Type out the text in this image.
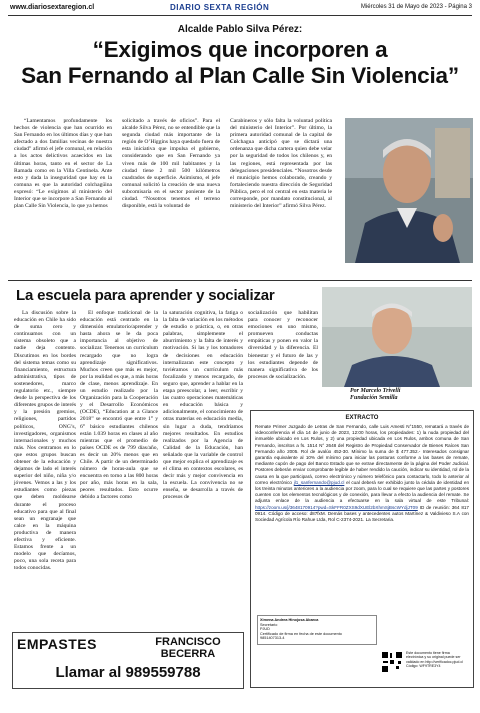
www.diariosextaregion.cl	DIARIO SEXTA REGIÓN	Miércoles 31 de Mayo de 2023 - Página 3
Alcalde Pablo Silva Pérez:
“Exigimos que incorporen a
San Fernando al Plan Calle Sin Violencia”
“Lamentamos profundamente los hechos de violencia que han ocurrido en San Fernando en los últimos días y que han afectado a dos familias vecinas de nuestra ciudad” afirmó el jefe comunal, en relación a los actos delictivos acaecidos en las últimas horas, tanto en el sector de La Ramada como en la Villa Centinela. Ante esto y dada la inseguridad que hay en la comuna es que la autoridad colchagüina expresó: “Le exigimos al ministerio del Interior que se incorpore a San Fernando al plan Calle Sin Violencia, lo que ya hemos
solicitado a través de oficios”. Para el alcalde Silva Pérez, no se entendible que la segunda ciudad más importante de la región de O’Higgins haya quedado fuera de esta iniciativa que impulsa el gobierno, considerando que en San Fernando ya viven más de 100 mil habitantes y la ciudad tiene 2 mil 500 kilómetros cuadrados de superficie. Asimismo, el jefe comunal solicitó la creación de una nueva subcomisaría en el sector poniente de la ciudad. “Nosotros tenemos el terreno disponible, está la voluntad de
Carabineros y sólo falta la voluntad política del ministerio del Interior”. Por último, la primera autoridad comunal de la capital de Colchagua anticipó que se dictará una ordenanza que dicha cartera quien debe velar por la seguridad de todos los chilenos y, en las regiones, está representada por las delegaciones presidenciales. “Nosotros desde el municipio hemos colaborado, creando y fortaleciendo nuestra dirección de Seguridad Pública, pero el rol central en esta materia le corresponde, por mandato constitucional, al ministerio del Interior” afirmó Silva Pérez.
La escuela para aprender y socializar
La discusión sobre la educación en Chile ha sido de suma cero y continuamos con un sistema obsoleto que a nadie deja contento. Discutimos en los bordes del sistema temas como su financiamiento, estructura administrativa, tipos de sostenedores, marco regulatorio etc., siempre desde la perspectiva de los diferentes grupos de interés y la presión gremios, religiones, partidos políticos, ONG’s, investigadores, organismos internacionales y muchos más. Nos centramos en lo que estos grupos buscan obtener de la educación y dejamos de lado el interés superior del niño, niña y/o jóvenes. Vemos a las y los estudiantes como piezas que deben moldearse durante el proceso educativo para que al final sean un engranaje que calce en la máquina productiva de manera efectiva y eficiente. Estamos frente a un modelo que decíamos, poco, una sola receta para todos conocidas.
El enfoque tradicional de la educación está centrado en la dimensión emulatorio/aprender y hasta ahora se le da poca importancia al objetivo de socializar. Tenemos un currículum recargado que no logra aprendizaje significativos. Muchos creen que más es mejor, por la realidad es que, a más horas de clase, menos aprendizaje. En un estudio realizado por la Organización para la Cooperación y el Desarrollo Económicos (OCDE), “Education at a Glance 2018” se encontró que entre 1° y 6° básico estudiantes chilenos están 1.039 horas en clases al año mientras que el promedio de países OCDE es de 799 días/año, es decir un 20% menos que en Chile. A partir de un determinado número de horas-aula que se encuentra en torno a las 800 horas por año, más horas en la sala, peores resultados. Esto ocurre debido a factores como
la saturación cognitiva, la fatiga o la falta de variación en los métodos de estudio o práctica, o, en otras palabras, simplemente el aburrimiento y la falta de interés y motivación. Si las y los tomadores de decisiones en educación internalizaran este concepto y tuviéramos un currículum más focalizado y menos recargado, de seguro que, aprender a hablar en la etapa preescolar, a leer, escribir y las cuatro operaciones matemáticas en educación básica y adicionalmente, el conocimiento de otras materias en educación media, sin lugar a duda, tendríamos mejores resultados. En estudios realizados por la Agencia de Calidad de la Educación, han señalado que la variable de control que mejor explica el aprendizaje es el clima en contextos escolares, es decir más y mejor convivencia en la escuela. La convivencia no se enseña, se desarrolla a través de procesos de
socialización que habilitan para conocer y reconocer emociones en uno mismo, promueven conductas empáticas y ponen en valor la diversidad y la diferencia. El bienestar y el futuro de las y los estudiantes depende de manera significativa de los procesos de socialización.
Por Marcelo Trivelli
Fundación Semilla
EXTRACTO
Remate Primer Juzgado de Letras de San Fernando, calle Luis Amesti N°1550, rematará a través de videoconferencia el día 14 de junio de 2023, 12:00 horas, los propiedades: 1) la nuda propiedad del inmueble ubicado en Los Rulos, y 2) una propiedad ubicada en Los Rulos, ambos comuna de San Fernando, inscritos a fs. 1514 N° 2648 del Registro de Propiedad Conservador de Bienes Raíces San Fernando año 2005. Rol de avalúo 452-30. Mínimo la suma de $ 477.352.- Interesados consignar garantía equivalente al 10% del mínimo para iniciar las posturas conforme a las bases de remate, mediante cupón de pago del Banco Estado que se extrae directamente de la página del Poder Judicial. Postores deberán enviar comprobante legible de haber rendido la caución, indicar su identidad, rol de la causa en la que participará, correo electrónico y número telefónico para contactarlo, todo lo anterior al correo electrónico jl1_sanfernando@pjud.cl el cual deberá ser exhibido junto la cédula de identidad en los treinta minutos anteriores a la audiencia por zoom, para lo cual se requiere que las partes y postores cuenten con los elementos tecnológicos y de conexión, para llevar a efecto la audiencia del remate. Se adjunta enlace de la audiencia a efectuarse en la sala virtual de este Tribunal: https://zoom.us/j/3648170914?pwd=SkFFR0ZXS9dXUEl2bXhmSjBscWYdjJT09 ID de reunión: 364 817 0914. Código de acceso: d87fxM. Demás bases y antecedentes autos Martínez & Valdivieso S.A con Sociedad Agrícola Río Rahue Ltda, Rol C-2374-2021. La Secretaria.
Ximena Andrea Hinojosa Abarca
Secretario
PJUD
Certificado de firma en fecha de este documento
9851407313-4
Este documento tiene firma electrónica y su original puede ser validado en http://verificadoc.pjud.cl
Código: WF9TRE3Y4
EMPASTES	FRANCISCO
BECERRA
Llamar al 989559788
